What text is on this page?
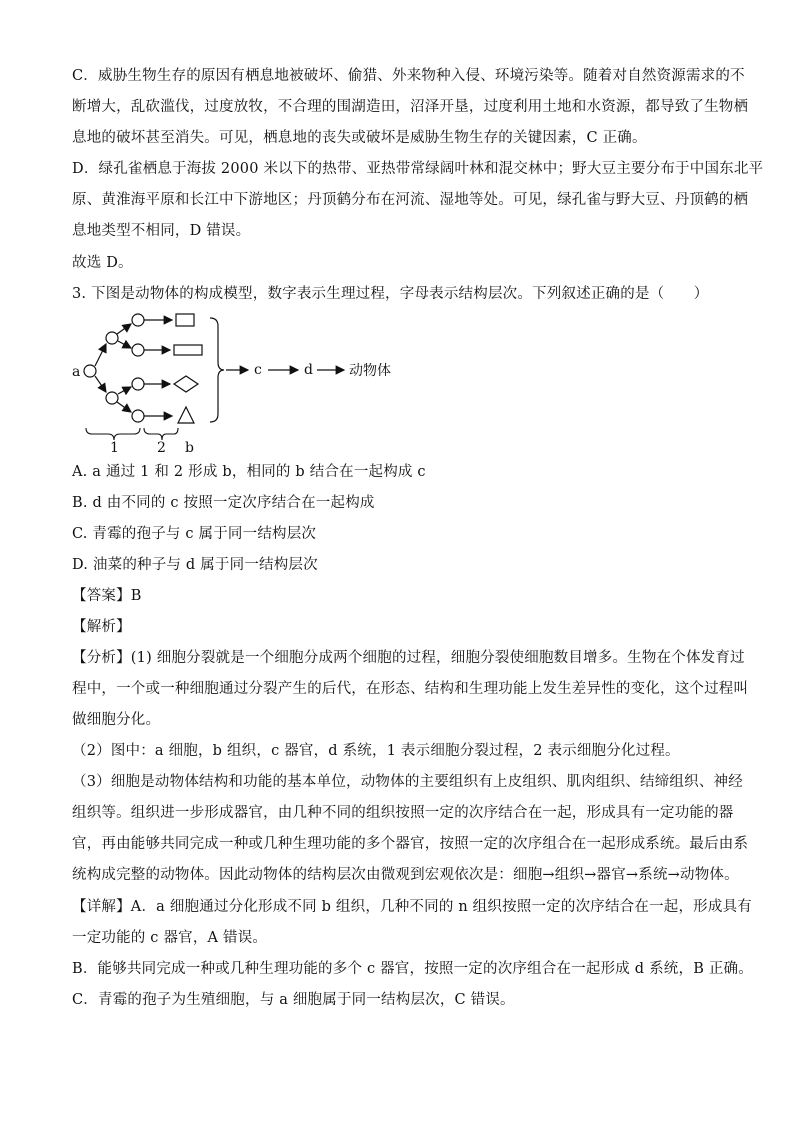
C．威胁生物生存的原因有栖息地被破坏、偷猎、外来物种入侵、环境污染等。随着对自然资源需求的不
断增大，乱砍滥伐，过度放牧，不合理的围湖造田，沼泽开垦，过度利用土地和水资源，都导致了生物栖
息地的破坏甚至消失。可见，栖息地的丧失或破坏是威胁生物生存的关键因素，C 正确。
D．绿孔雀栖息于海拔 2000 米以下的热带、亚热带常绿阔叶林和混交林中；野大豆主要分布于中国东北平
原、黄淮海平原和长江中下游地区；丹顶鹤分布在河流、湿地等处。可见，绿孔雀与野大豆、丹顶鹤的栖
息地类型不相同，D 错误。
故选 D。
3. 下图是动物体的构成模型，数字表示生理过程，字母表示结构层次。下列叙述正确的是（　　）
a	c	d	动物体
1	2 b
A. a 通过 1 和 2 形成 b，相同的 b 结合在一起构成 c
B. d 由不同的 c 按照一定次序结合在一起构成
C. 青霉的孢子与 c 属于同一结构层次
D. 油菜的种子与 d 属于同一结构层次
【答案】B
【解析】
【分析】(1) 细胞分裂就是一个细胞分成两个细胞的过程，细胞分裂使细胞数目增多。生物在个体发育过
程中，一个或一种细胞通过分裂产生的后代，在形态、结构和生理功能上发生差异性的变化，这个过程叫
做细胞分化。
（2）图中：a 细胞，b 组织，c 器官，d 系统，1 表示细胞分裂过程，2 表示细胞分化过程。
（3）细胞是动物体结构和功能的基本单位，动物体的主要组织有上皮组织、肌肉组织、结缔组织、神经
组织等。组织进一步形成器官，由几种不同的组织按照一定的次序结合在一起，形成具有一定功能的器
官，再由能够共同完成一种或几种生理功能的多个器官，按照一定的次序组合在一起形成系统。最后由系
统构成完整的动物体。因此动物体的结构层次由微观到宏观依次是：细胞→组织→器官→系统→动物体。
【详解】A．a 细胞通过分化形成不同 b 组织，几种不同的 n 组织按照一定的次序结合在一起，形成具有
一定功能的 c 器官，A 错误。
B．能够共同完成一种或几种生理功能的多个 c 器官，按照一定的次序组合在一起形成 d 系统，B 正确。
C．青霉的孢子为生殖细胞，与 a 细胞属于同一结构层次，C 错误。
